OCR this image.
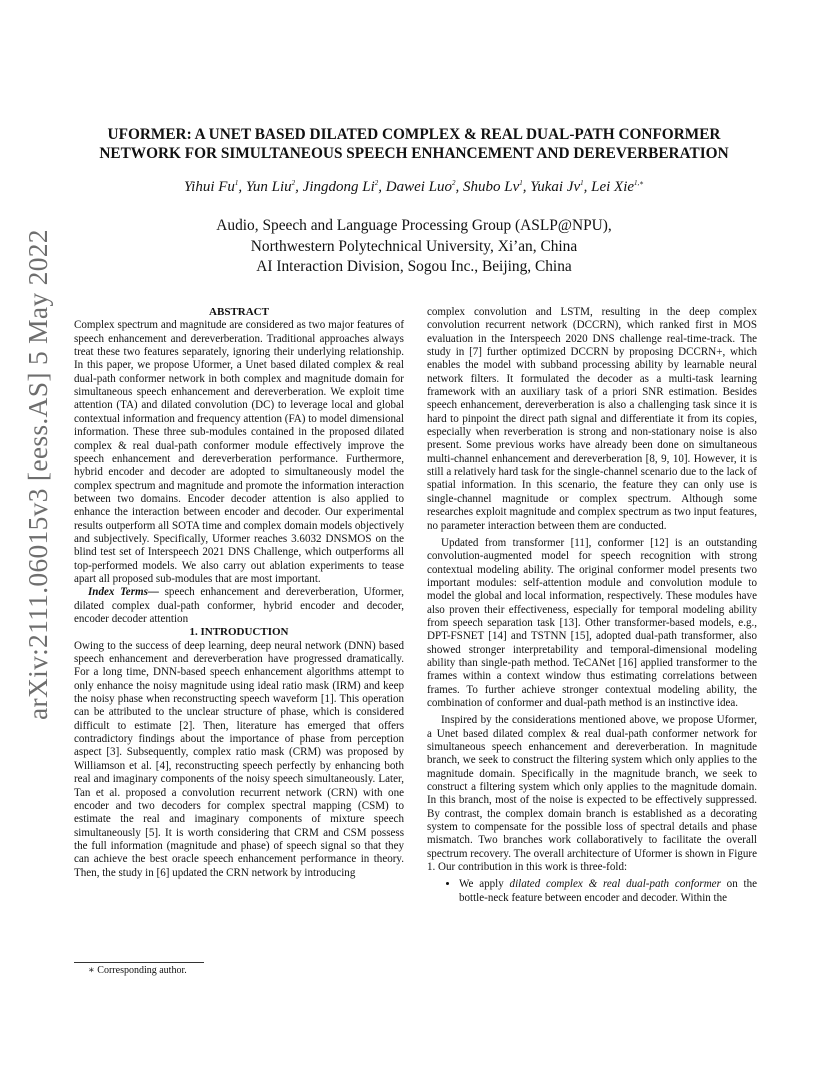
arXiv:2111.06015v3 [eess.AS] 5 May 2022
UFORMER: A UNET BASED DILATED COMPLEX & REAL DUAL-PATH CONFORMER
NETWORK FOR SIMULTANEOUS SPEECH ENHANCEMENT AND DEREVERBERATION
Yihui Fu$^1$, Yun Liu$^2$, Jingdong Li$^2$, Dawei Luo$^2$, Shubo Lv$^1$, Yukai Jv$^1$, Lei Xie$^{1,∗}$
Audio, Speech and Language Processing Group (ASLP@NPU),
Northwestern Polytechnical University, Xi’an, China
AI Interaction Division, Sogou Inc., Beijing, China

ABSTRACT

Complex spectrum and magnitude are considered as two major features of speech enhancement and dereverberation. Traditional approaches always treat these two features separately, ignoring their underlying relationship. In this paper, we propose Uformer, a Unet based dilated complex & real dual-path conformer network in both complex and magnitude domain for simultaneous speech enhancement and dereverberation. We exploit time attention (TA) and dilated convolution (DC) to leverage local and global contextual information and frequency attention (FA) to model dimensional information. These three sub-modules contained in the proposed dilated complex & real dual-path conformer module effectively improve the speech enhancement and dereverberation performance. Furthermore, hybrid encoder and decoder are adopted to simultaneously model the complex spectrum and magnitude and promote the information interaction between two domains. Encoder decoder attention is also applied to enhance the interaction between encoder and decoder. Our experimental results outperform all SOTA time and complex domain models objectively and subjectively. Specifically, Uformer reaches 3.6032 DNSMOS on the blind test set of Interspeech 2021 DNS Challenge, which outperforms all top-performed models. We also carry out ablation experiments to tease apart all proposed sub-modules that are most important.

Index Terms— speech enhancement and dereverberation, Uformer, dilated complex dual-path conformer, hybrid encoder and decoder, encoder decoder attention

1. INTRODUCTION

Owing to the success of deep learning, deep neural network (DNN) based speech enhancement and dereverberation have progressed dramatically. For a long time, DNN-based speech enhancement algorithms attempt to only enhance the noisy magnitude using ideal ratio mask (IRM) and keep the noisy phase when reconstructing speech waveform [1]. This operation can be attributed to the unclear structure of phase, which is considered difficult to estimate [2]. Then, literature has emerged that offers contradictory findings about the importance of phase from perception aspect [3]. Subsequently, complex ratio mask (CRM) was proposed by Williamson et al. [4], reconstructing speech perfectly by enhancing both real and imaginary components of the noisy speech simultaneously. Later, Tan et al. proposed a convolution recurrent network (CRN) with one encoder and two decoders for complex spectral mapping (CSM) to estimate the real and imaginary components of mixture speech simultaneously [5]. It is worth considering that CRM and CSM possess the full information (magnitude and phase) of speech signal so that they can achieve the best oracle speech enhancement performance in theory. Then, the study in [6] updated the CRN network by introducing

complex convolution and LSTM, resulting in the deep complex convolution recurrent network (DCCRN), which ranked first in MOS evaluation in the Interspeech 2020 DNS challenge real-time-track. The study in [7] further optimized DCCRN by proposing DCCRN+, which enables the model with subband processing ability by learnable neural network filters. It formulated the decoder as a multi-task learning framework with an auxiliary task of a priori SNR estimation. Besides speech enhancement, dereverberation is also a challenging task since it is hard to pinpoint the direct path signal and differentiate it from its copies, especially when reverberation is strong and non-stationary noise is also present. Some previous works have already been done on simultaneous multi-channel enhancement and dereverberation [8, 9, 10]. However, it is still a relatively hard task for the single-channel scenario due to the lack of spatial information. In this scenario, the feature they can only use is single-channel magnitude or complex spectrum. Although some researches exploit magnitude and complex spectrum as two input features, no parameter interaction between them are conducted.

Updated from transformer [11], conformer [12] is an outstanding convolution-augmented model for speech recognition with strong contextual modeling ability. The original conformer model presents two important modules: self-attention module and convolution module to model the global and local information, respectively. These modules have also proven their effectiveness, especially for temporal modeling ability from speech separation task [13]. Other transformer-based models, e.g., DPT-FSNET [14] and TSTNN [15], adopted dual-path transformer, also showed stronger interpretability and temporal-dimensional modeling ability than single-path method. TeCANet [16] applied transformer to the frames within a context window thus estimating correlations between frames. To further achieve stronger contextual modeling ability, the combination of conformer and dual-path method is an instinctive idea.

Inspired by the considerations mentioned above, we propose Uformer, a Unet based dilated complex & real dual-path conformer network for simultaneous speech enhancement and dereverberation. In magnitude branch, we seek to construct the filtering system which only applies to the magnitude domain. Specifically in the magnitude branch, we seek to construct a filtering system which only applies to the magnitude domain. In this branch, most of the noise is expected to be effectively suppressed. By contrast, the complex domain branch is established as a decorating system to compensate for the possible loss of spectral details and phase mismatch. Two branches work collaboratively to facilitate the overall spectrum recovery. The overall architecture of Uformer is shown in Figure 1. Our contribution in this work is three-fold:

• We apply dilated complex & real dual-path conformer on the bottle-neck feature between encoder and decoder. Within the
∗ Corresponding author.
